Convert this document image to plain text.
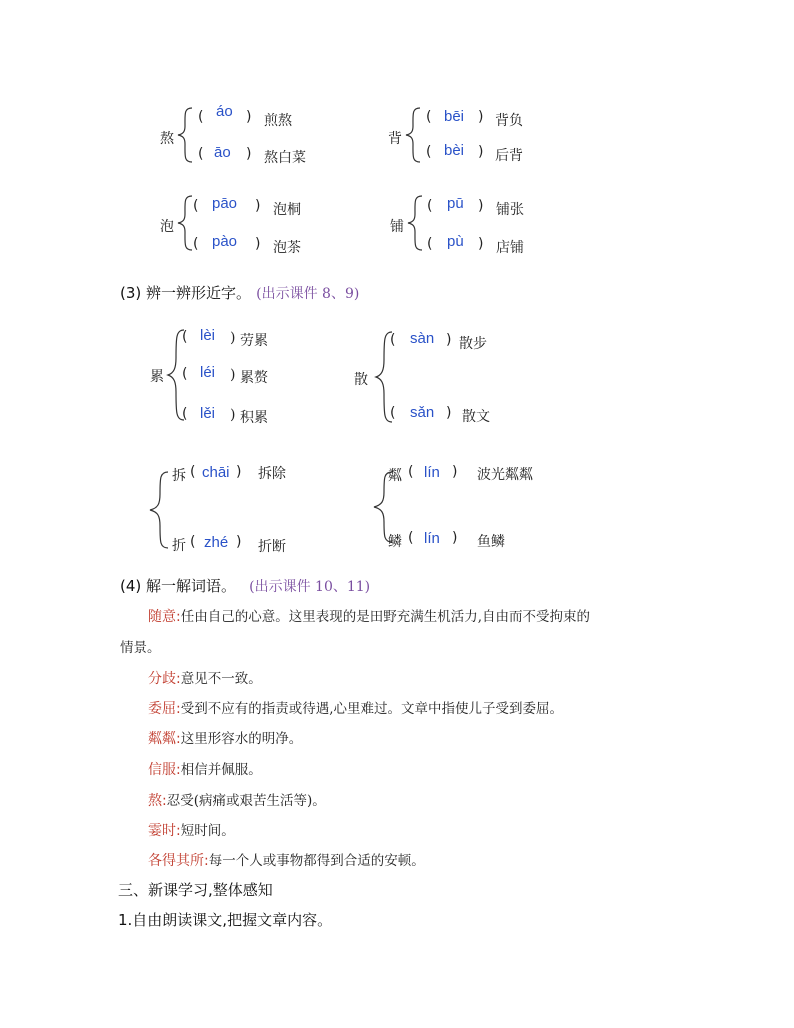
熬
( áo ) 煎熬
( āo ) 熬白菜
背
( bēi ) 背负
( bèi ) 后背
泡
( pāo ) 泡桐
( pào ) 泡茶
铺
( pū ) 铺张
( pù ) 店铺
(3) 辨一辨形近字。 (出示课件 8、9)
累
( lèi ) 劳累
( léi ) 累赘
( lěi ) 积累
散
( sàn ) 散步
( sǎn ) 散文
拆 ( chāi ) 拆除
折 ( zhé ) 折断
粼 ( lín ) 波光粼粼
鳞 ( lín ) 鱼鳞
(4) 解一解词语。 (出示课件 10、11)
随意:任由自己的心意。这里表现的是田野充满生机活力,自由而不受拘束的
情景。
分歧:意见不一致。
委屈:受到不应有的指责或待遇,心里难过。文章中指使儿子受到委屈。
粼粼:这里形容水的明净。
信服:相信并佩服。
熬:忍受(病痛或艰苦生活等)。
霎时:短时间。
各得其所:每一个人或事物都得到合适的安顿。
三、新课学习,整体感知
1.自由朗读课文,把握文章内容。
